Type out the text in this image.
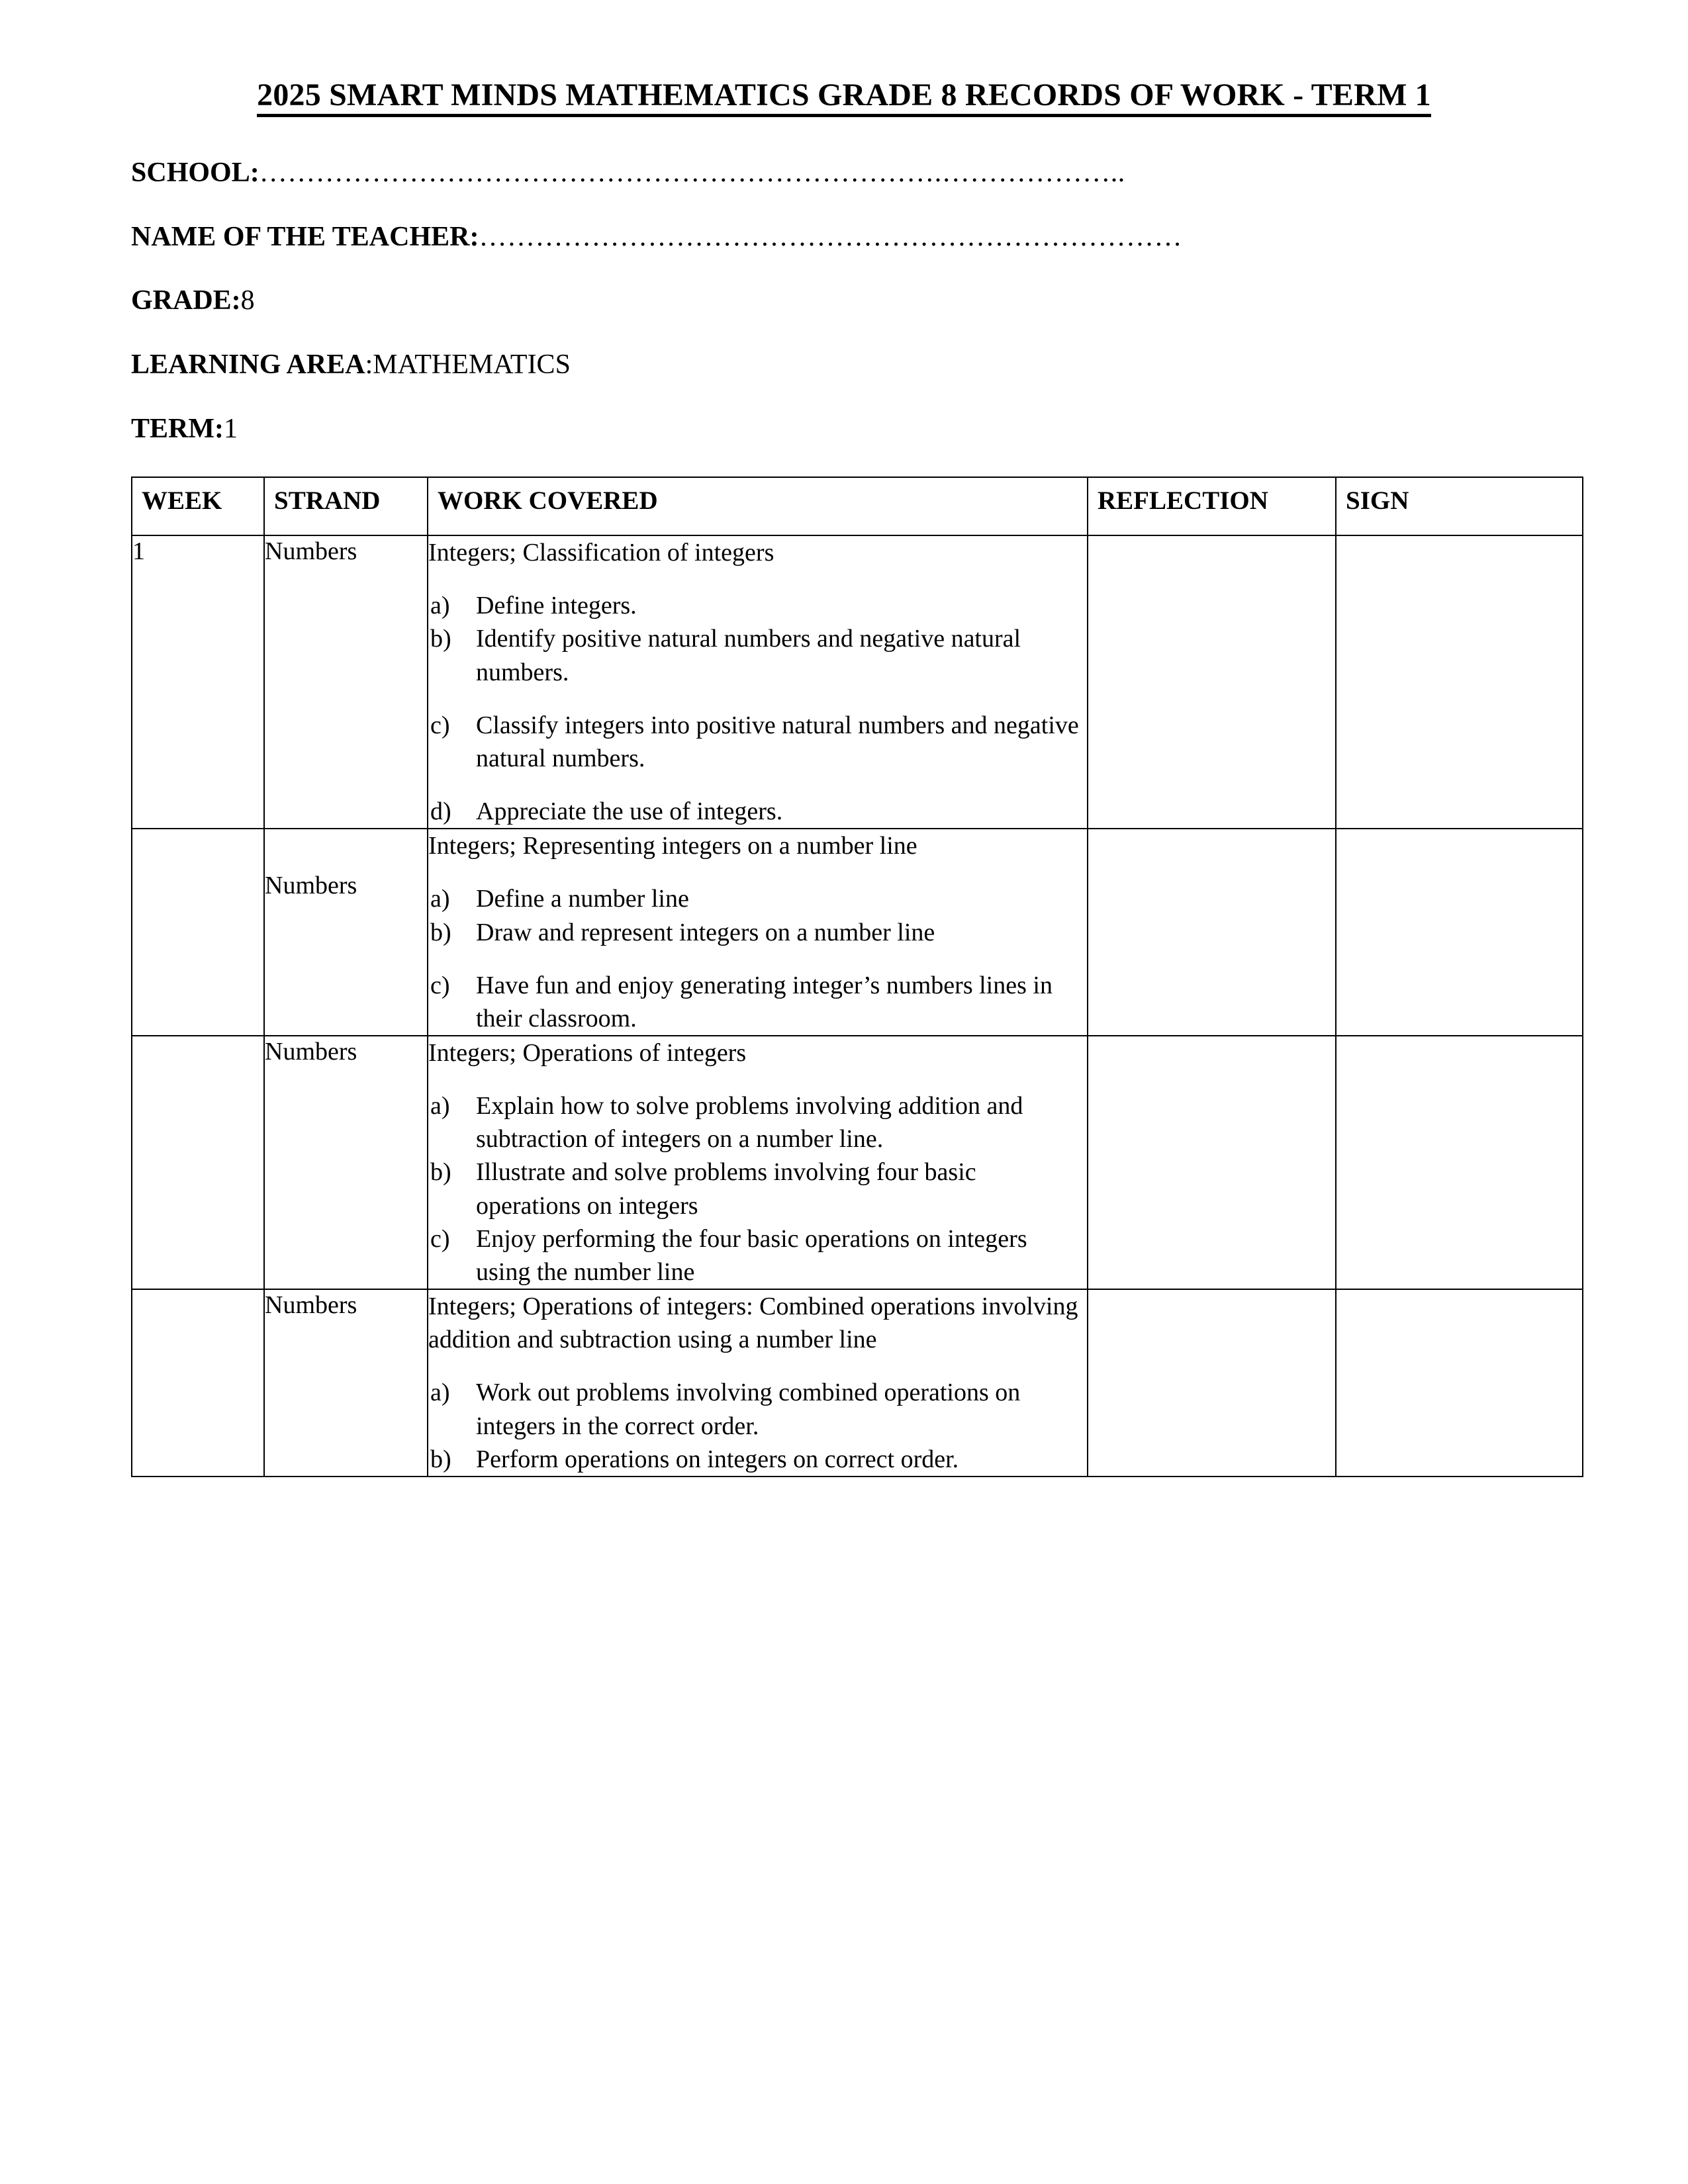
2025 SMART MINDS MATHEMATICS GRADE 8 RECORDS OF WORK - TERM 1
SCHOOL:……………………………………………………………….………………..
NAME OF THE TEACHER:…………………………………………………………………
GRADE:8
LEARNING AREA:MATHEMATICS
TERM:1
WEEK	STRAND	WORK COVERED	REFLECTION	SIGN
1	Numbers	Integers; Classification of integers
Define integers.
Identify positive natural numbers and negative natural numbers.
Classify integers into positive natural numbers and negative natural numbers.
Appreciate the use of integers.

	Numbers	
Integers; Representing integers on a number line
Define a number line
Draw and represent integers on a number line
Have fun and enjoy generating integer’s numbers lines in their classroom.

	Numbers	Integers; Operations of integers
Explain how to solve problems involving addition and subtraction of integers on a number line.
Illustrate and solve problems involving four basic operations on integers
Enjoy performing the four basic operations on integers using the number line

	Numbers	Integers; Operations of integers: Combined operations involving addition and subtraction using a number line
Work out problems involving combined operations on integers in the correct order.
Perform operations on integers on correct order.
